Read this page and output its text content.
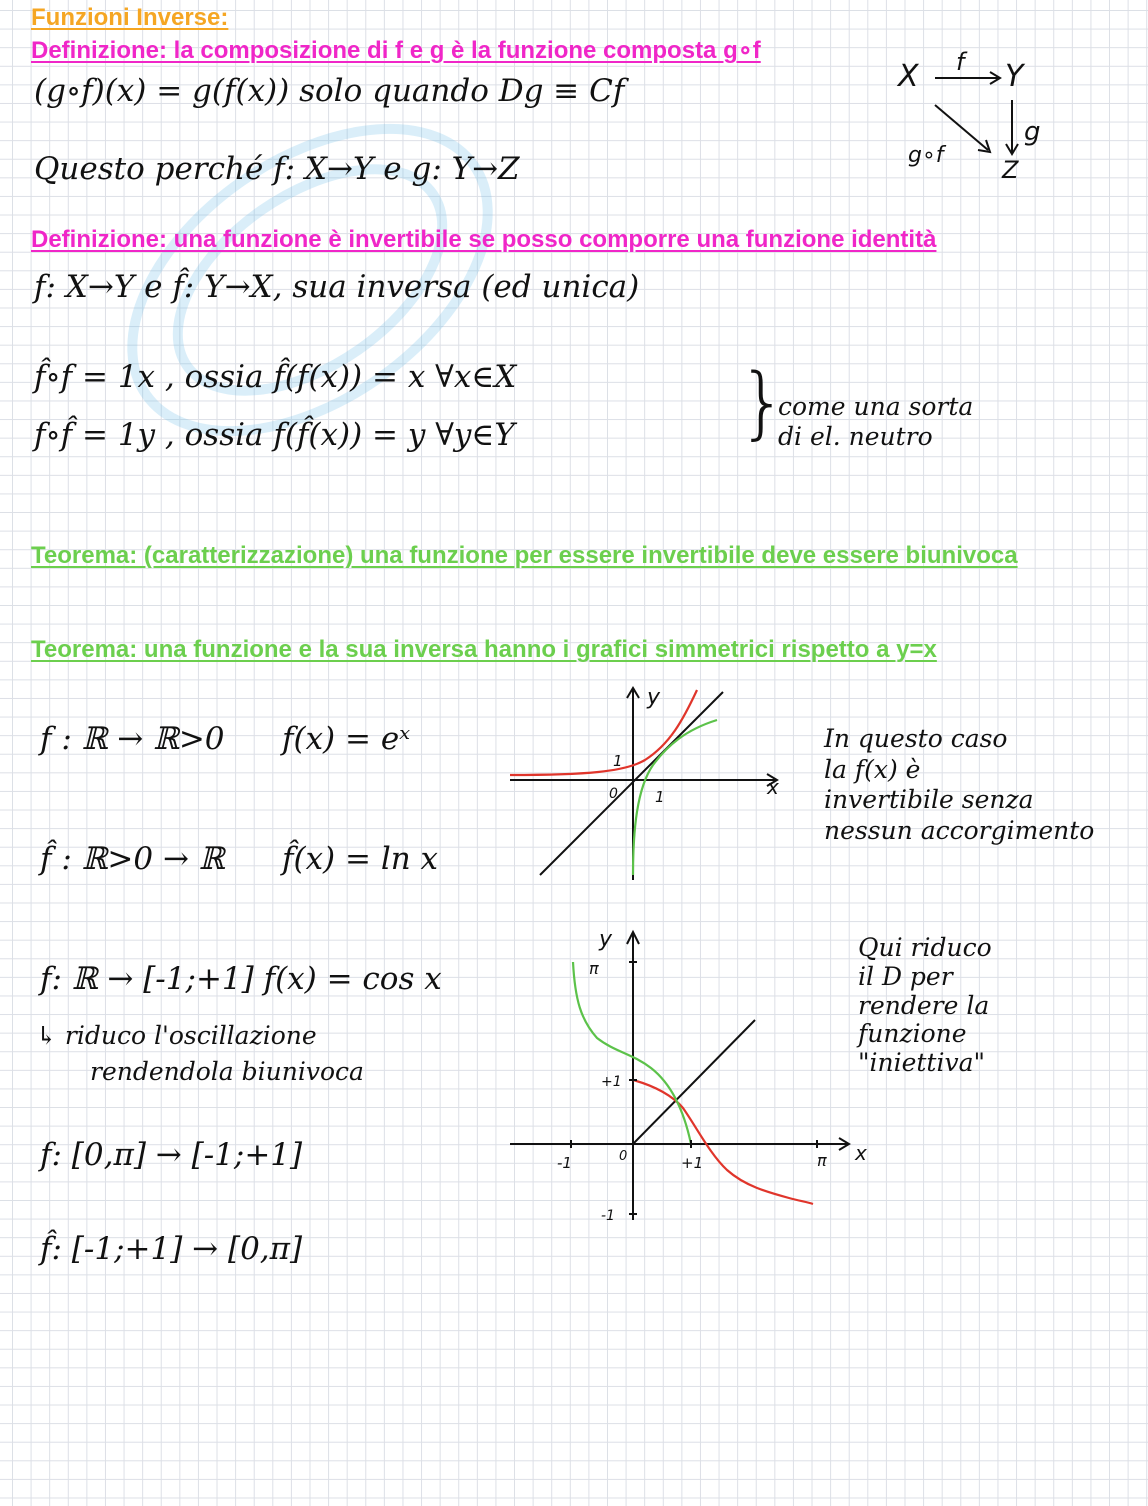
Funzioni Inverse:
Definizione: la composizione di f e g è la funzione composta g∘f
(g∘f)(x) = g(f(x)) solo quando Dg ≡ Cf
Questo perché f: X→Y e g: Y→Z
X	Y
f
g
Z
g∘f
Definizione: una funzione è invertibile se posso comporre una funzione identità
f: X→Y e f̂: Y→X, sua inversa (ed unica)
f̂∘f = 1x , ossia f̂(f(x)) = x ∀x∈X
f∘f̂ = 1y , ossia f(f̂(x)) = y ∀y∈Y	}
come una sorta
di el. neutro
Teorema: (caratterizzazione) una funzione per essere invertibile deve essere biunivoca
Teorema: una funzione e la sua inversa hanno i grafici simmetrici rispetto a y=x
f : ℝ → ℝ>0 f(x) = eˣ
f̂ : ℝ>0 → ℝ f̂(x) = ln x
In questo caso
la f(x) è
invertibile senza
nessun accorgimento
x
y
0 1
1
f: ℝ → [-1;+1] f(x) = cos x
↳ riduco l'oscillazione
rendendola biunivoca
f: [0,π] → [-1;+1]
f̂: [-1;+1] → [0,π]
Qui riduco
il D per
rendere la
funzione
"iniettiva"
x
y
0
-1	+1	π
π
+1
-1
